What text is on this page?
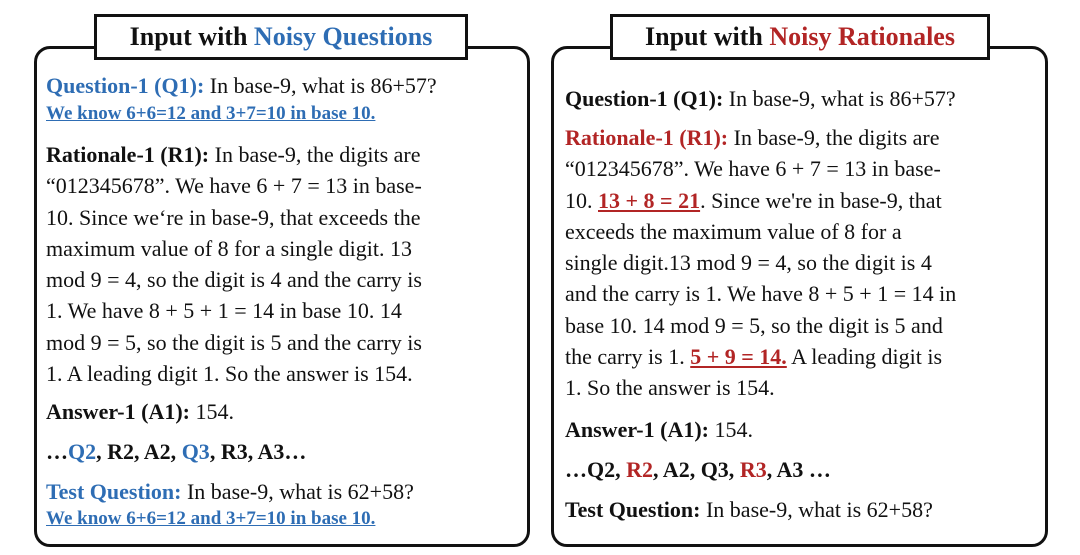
Input with Noisy Questions
Question-1 (Q1): In base-9, what is 86+57?
We know 6+6=12 and 3+7=10 in base 10.
Rationale-1 (R1): In base-9, the digits are
“012345678”. We have 6 + 7 = 13 in base-
10. Since we‘re in base-9, that exceeds the
maximum value of 8 for a single digit. 13
mod 9 = 4, so the digit is 4 and the carry is
1. We have 8 + 5 + 1 = 14 in base 10. 14
mod 9 = 5, so the digit is 5 and the carry is
1. A leading digit 1. So the answer is 154.
Answer-1 (A1): 154.
…Q2, R2, A2, Q3, R3, A3…
Test Question: In base-9, what is 62+58?
We know 6+6=12 and 3+7=10 in base 10.
Input with Noisy Rationales
Question-1 (Q1): In base-9, what is 86+57?
Rationale-1 (R1): In base-9, the digits are
“012345678”. We have 6 + 7 = 13 in base-
10. 13 + 8 = 21. Since we're in base-9, that
exceeds the maximum value of 8 for a
single digit.13 mod 9 = 4, so the digit is 4
and the carry is 1. We have 8 + 5 + 1 = 14 in
base 10. 14 mod 9 = 5, so the digit is 5 and
the carry is 1. 5 + 9 = 14. A leading digit is
1. So the answer is 154.
Answer-1 (A1): 154.
…Q2, R2, A2, Q3, R3, A3 …
Test Question: In base-9, what is 62+58?
